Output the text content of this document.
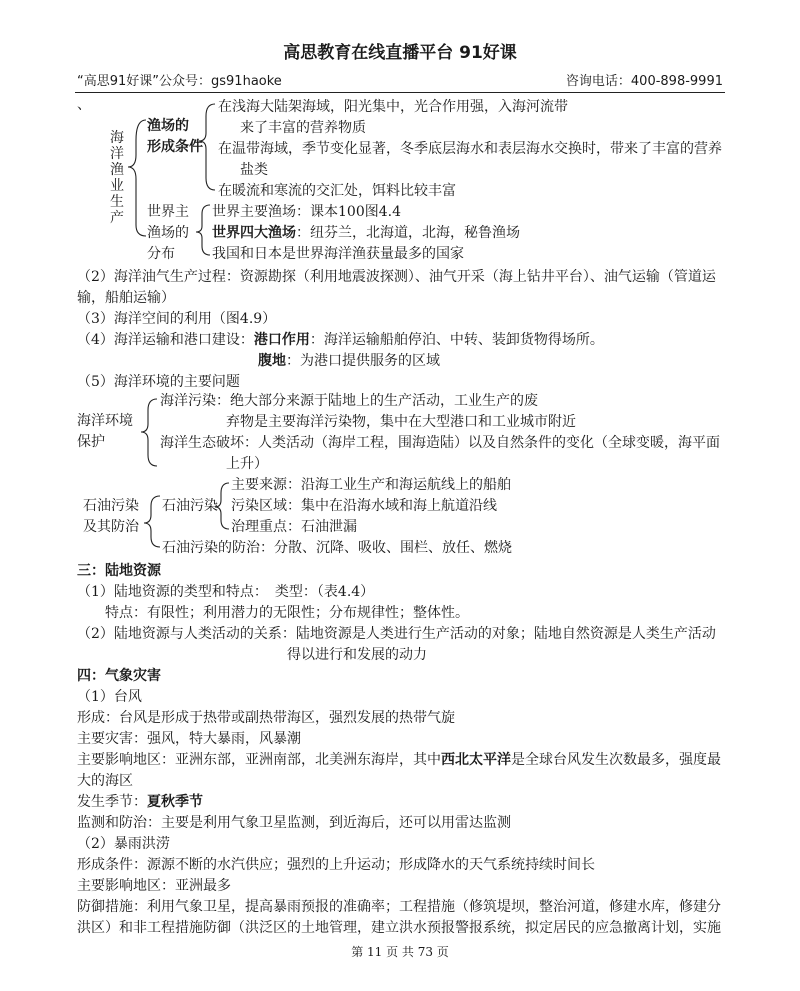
高思教育在线直播平台 91好课
“高思91好课”公众号：gs91haoke	咨询电话：400-898-9991
、
海洋渔业生产
渔场的
形成条件
在浅海大陆架海域，阳光集中，光合作用强，入海河流带
来了丰富的营养物质
在温带海域，季节变化显著，冬季底层海水和表层海水交换时，带来了丰富的营养
盐类
在暖流和寒流的交汇处，饵料比较丰富
世界主
渔场的
分布
世界主要渔场：课本100图4.4
世界四大渔场：纽芬兰，北海道，北海，秘鲁渔场
我国和日本是世界海洋渔获量最多的国家
（2）海洋油气生产过程：资源勘探（利用地震波探测）、油气开采（海上钻井平台）、油气运输（管道运
输，船舶运输）
（3）海洋空间的利用（图4.9）
（4）海洋运输和港口建设：港口作用：海洋运输船舶停泊、中转、装卸货物得场所。
腹地：为港口提供服务的区域
（5）海洋环境的主要问题
海洋环境
保护
海洋污染：绝大部分来源于陆地上的生产活动，工业生产的废
弃物是主要海洋污染物，集中在大型港口和工业城市附近
海洋生态破坏：人类活动（海岸工程，围海造陆）以及自然条件的变化（全球变暖，海平面
上升）
石油污染
及其防治
石油污染
主要来源：沿海工业生产和海运航线上的船舶
污染区域：集中在沿海水域和海上航道沿线
治理重点：石油泄漏
石油污染的防治：分散、沉降、吸收、围栏、放任、燃烧
三：陆地资源
（1）陆地资源的类型和特点：　类型：（表4.4）
特点：有限性；利用潜力的无限性；分布规律性；整体性。
（2）陆地资源与人类活动的关系：陆地资源是人类进行生产活动的对象；陆地自然资源是人类生产活动
得以进行和发展的动力
四：气象灾害
（1）台风
形成：台风是形成于热带或副热带海区，强烈发展的热带气旋
主要灾害：强风，特大暴雨，风暴潮
主要影响地区：亚洲东部，亚洲南部，北美洲东海岸，其中西北太平洋是全球台风发生次数最多，强度最
大的海区
发生季节：夏秋季节
监测和防治：主要是利用气象卫星监测，到近海后，还可以用雷达监测
（2）暴雨洪涝
形成条件：源源不断的水汽供应；强烈的上升运动；形成降水的天气系统持续时间长
主要影响地区：亚洲最多
防御措施：利用气象卫星，提高暴雨预报的准确率；工程措施（修筑堤坝，整治河道，修建水库，修建分
洪区）和非工程措施防御（洪泛区的土地管理，建立洪水预报警报系统，拟定居民的应急撤离计划，实施
第 11 页 共 73 页
